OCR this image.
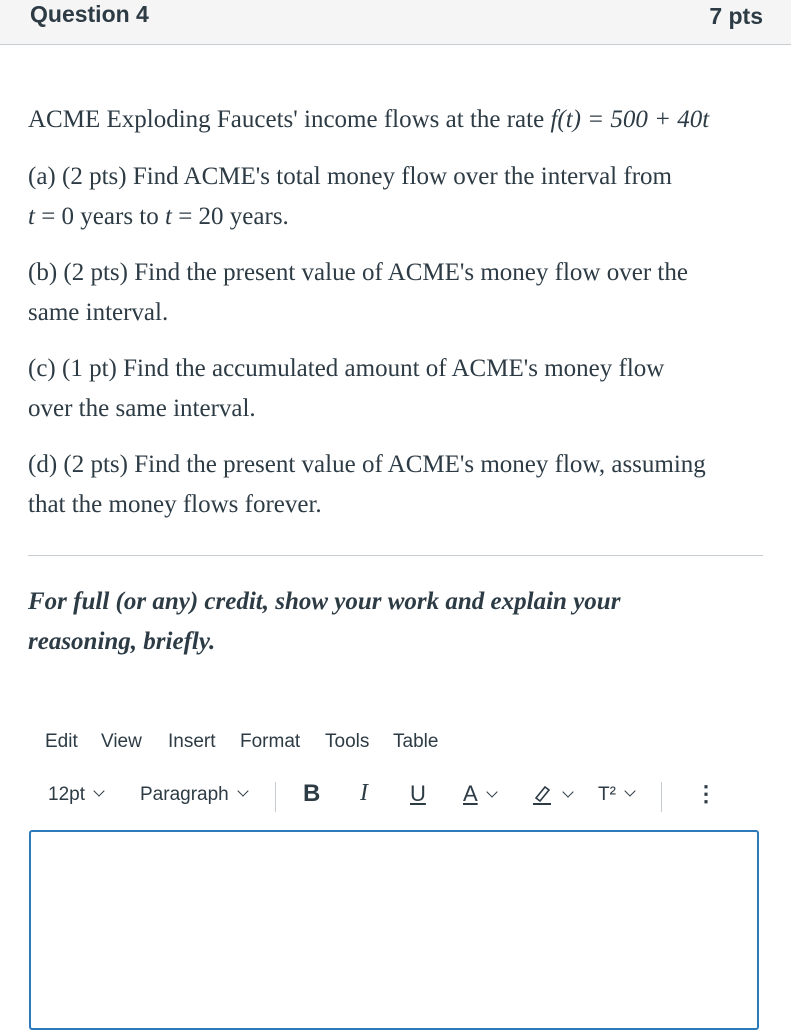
Question 4	7 pts
ACME Exploding Faucets' income flows at the rate f(t) = 500 + 40t
(a) (2 pts) Find ACME's total money flow over the interval from
t = 0 years to t = 20 years.
(b) (2 pts) Find the present value of ACME's money flow over the
same interval.
(c) (1 pt) Find the accumulated amount of ACME's money flow
over the same interval.
(d) (2 pts) Find the present value of ACME's money flow, assuming
that the money flows forever.
For full (or any) credit, show your work and explain your
reasoning, briefly.
Edit View Insert Format Tools Table
12pt	Paragraph	B I U A	T²	⋮
